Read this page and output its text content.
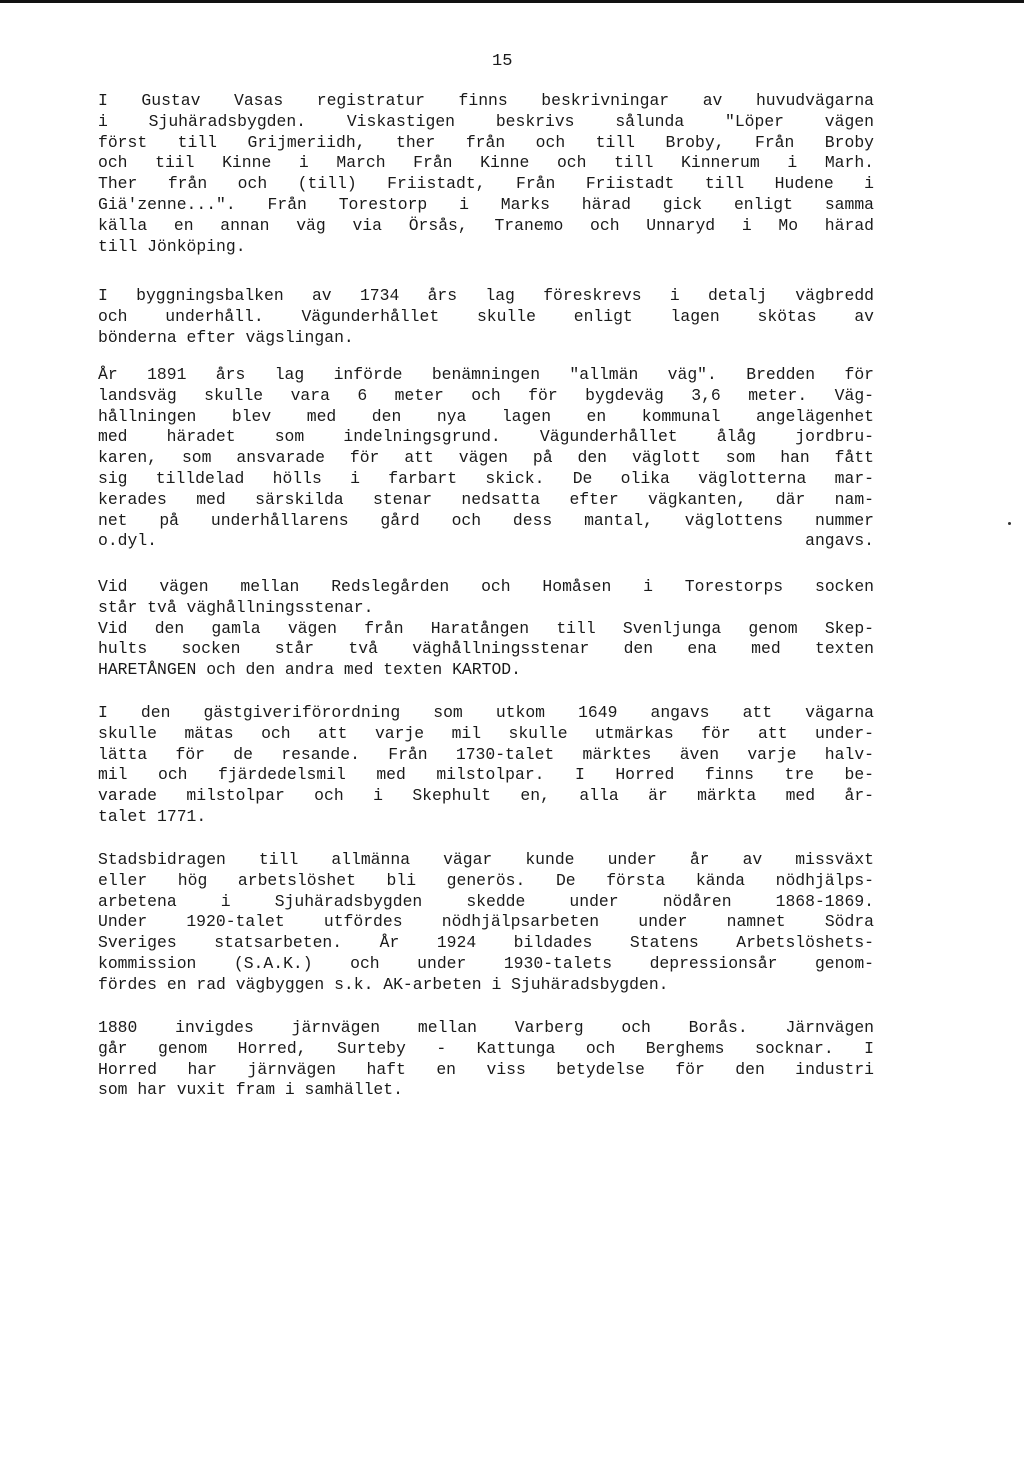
15
I Gustav Vasas registratur finns beskrivningar av huvudvägarna
i Sjuhäradsbygden. Viskastigen beskrivs sålunda "Löper vägen
först till Grijmeriidh, ther från och till Broby, Från Broby
och tiil Kinne i March Från Kinne och till Kinnerum i Marh.
Ther från och (till) Friistadt, Från Friistadt till Hudene i
Giä'zenne...". Från Torestorp i Marks härad gick enligt samma
källa en annan väg via Örsås, Tranemo och Unnaryd i Mo härad
till Jönköping.
I byggningsbalken av 1734 års lag föreskrevs i detalj vägbredd
och underhåll. Vägunderhållet skulle enligt lagen skötas av
bönderna efter vägslingan.
År 1891 års lag införde benämningen "allmän väg". Bredden för
landsväg skulle vara 6 meter och för bygdeväg 3,6 meter. Väg-
hållningen blev med den nya lagen en kommunal angelägenhet
med häradet som indelningsgrund. Vägunderhållet ålåg jordbru-
karen, som ansvarade för att vägen på den väglott som han fått
sig tilldelad hölls i farbart skick. De olika väglotterna mar-
kerades med särskilda stenar nedsatta efter vägkanten, där nam-
net på underhållarens gård och dess mantal, väglottens nummer
o.dyl. angavs.
Vid vägen mellan Redslegården och Homåsen i Torestorps socken
står två väghållningsstenar.
Vid den gamla vägen från Haratången till Svenljunga genom Skep-
hults socken står två väghållningsstenar den ena med texten
HARETÅNGEN och den andra med texten KARTOD.
I den gästgiveriförordning som utkom 1649 angavs att vägarna
skulle mätas och att varje mil skulle utmärkas för att under-
lätta för de resande. Från 1730-talet märktes även varje halv-
mil och fjärdedelsmil med milstolpar. I Horred finns tre be-
varade milstolpar och i Skephult en, alla är märkta med år-
talet 1771.
Stadsbidragen till allmänna vägar kunde under år av missväxt
eller hög arbetslöshet bli generös. De första kända nödhjälps-
arbetena i Sjuhäradsbygden skedde under nödåren 1868-1869.
Under 1920-talet utfördes nödhjälpsarbeten under namnet Södra
Sveriges statsarbeten. År 1924 bildades Statens Arbetslöshets-
kommission (S.A.K.) och under 1930-talets depressionsår genom-
fördes en rad vägbyggen s.k. AK-arbeten i Sjuhäradsbygden.
1880 invigdes järnvägen mellan Varberg och Borås. Järnvägen
går genom Horred, Surteby - Kattunga och Berghems socknar. I
Horred har järnvägen haft en viss betydelse för den industri
som har vuxit fram i samhället.
